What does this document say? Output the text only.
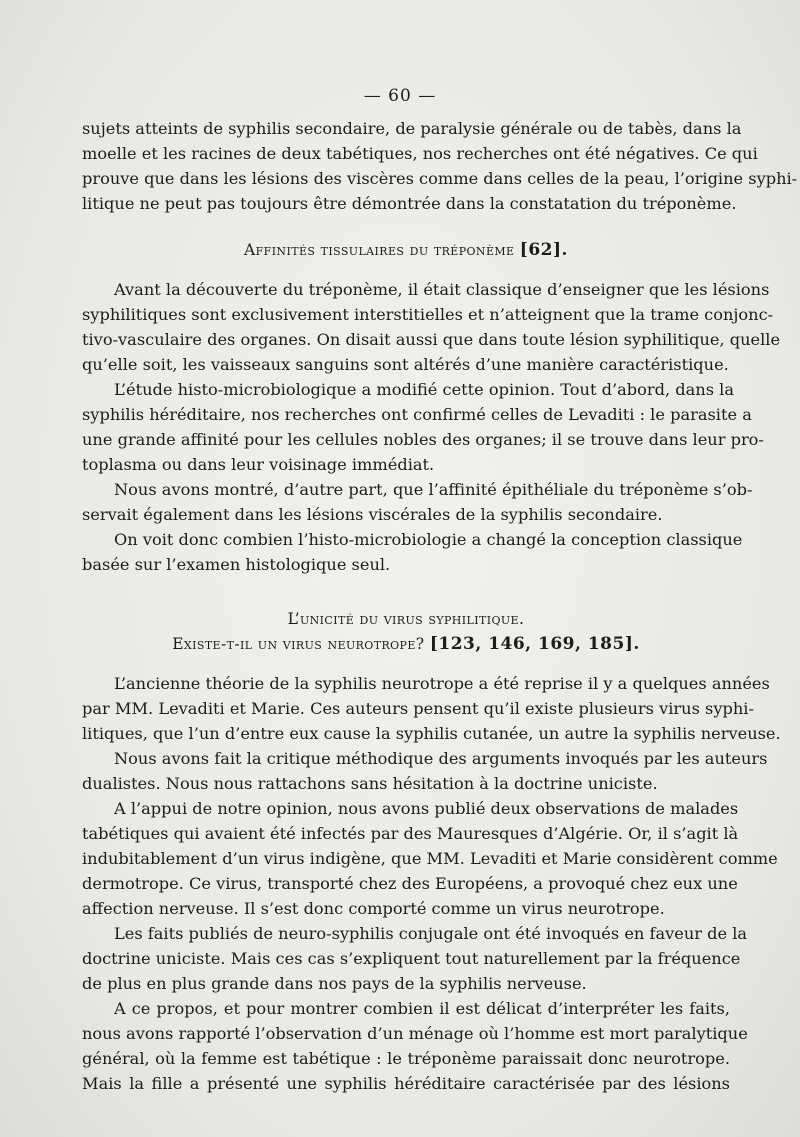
— 60 —
sujets atteints de syphilis secondaire, de paralysie générale ou de tabès, dans la
moelle et les racines de deux tabétiques, nos recherches ont été négatives. Ce qui
prouve que dans les lésions des viscères comme dans celles de la peau, l’origine syphi-
litique ne peut pas toujours être démontrée dans la constatation du tréponème.

Affinités tissulaires du tréponème [62].

Avant la découverte du tréponème, il était classique d’enseigner que les lésions
syphilitiques sont exclusivement interstitielles et n’atteignent que la trame conjonc-
tivo-vasculaire des organes. On disait aussi que dans toute lésion syphilitique, quelle
qu’elle soit, les vaisseaux sanguins sont altérés d’une manière caractéristique.
L’étude histo-microbiologique a modifié cette opinion. Tout d’abord, dans la
syphilis héréditaire, nos recherches ont confirmé celles de Levaditi : le parasite a
une grande affinité pour les cellules nobles des organes; il se trouve dans leur pro-
toplasma ou dans leur voisinage immédiat.
Nous avons montré, d’autre part, que l’affinité épithéliale du tréponème s’ob-
servait également dans les lésions viscérales de la syphilis secondaire.
On voit donc combien l’histo-microbiologie a changé la conception classique
basée sur l’examen histologique seul.

L’unicité du virus syphilitique.

Existe-t-il un virus neurotrope? [123, 146, 169, 185].

L’ancienne théorie de la syphilis neurotrope a été reprise il y a quelques années
par MM. Levaditi et Marie. Ces auteurs pensent qu’il existe plusieurs virus syphi-
litiques, que l’un d’entre eux cause la syphilis cutanée, un autre la syphilis nerveuse.
Nous avons fait la critique méthodique des arguments invoqués par les auteurs
dualistes. Nous nous rattachons sans hésitation à la doctrine uniciste.
A l’appui de notre opinion, nous avons publié deux observations de malades
tabétiques qui avaient été infectés par des Mauresques d’Algérie. Or, il s’agit là
indubitablement d’un virus indigène, que MM. Levaditi et Marie considèrent comme
dermotrope. Ce virus, transporté chez des Européens, a provoqué chez eux une
affection nerveuse. Il s’est donc comporté comme un virus neurotrope.
Les faits publiés de neuro-syphilis conjugale ont été invoqués en faveur de la
doctrine uniciste. Mais ces cas s’expliquent tout naturellement par la fréquence
de plus en plus grande dans nos pays de la syphilis nerveuse.
A ce propos, et pour montrer combien il est délicat d’interpréter les faits,
nous avons rapporté l’observation d’un ménage où l’homme est mort paralytique
général, où la femme est tabétique : le tréponème paraissait donc neurotrope.
Mais la fille a présenté une syphilis héréditaire caractérisée par des lésions
